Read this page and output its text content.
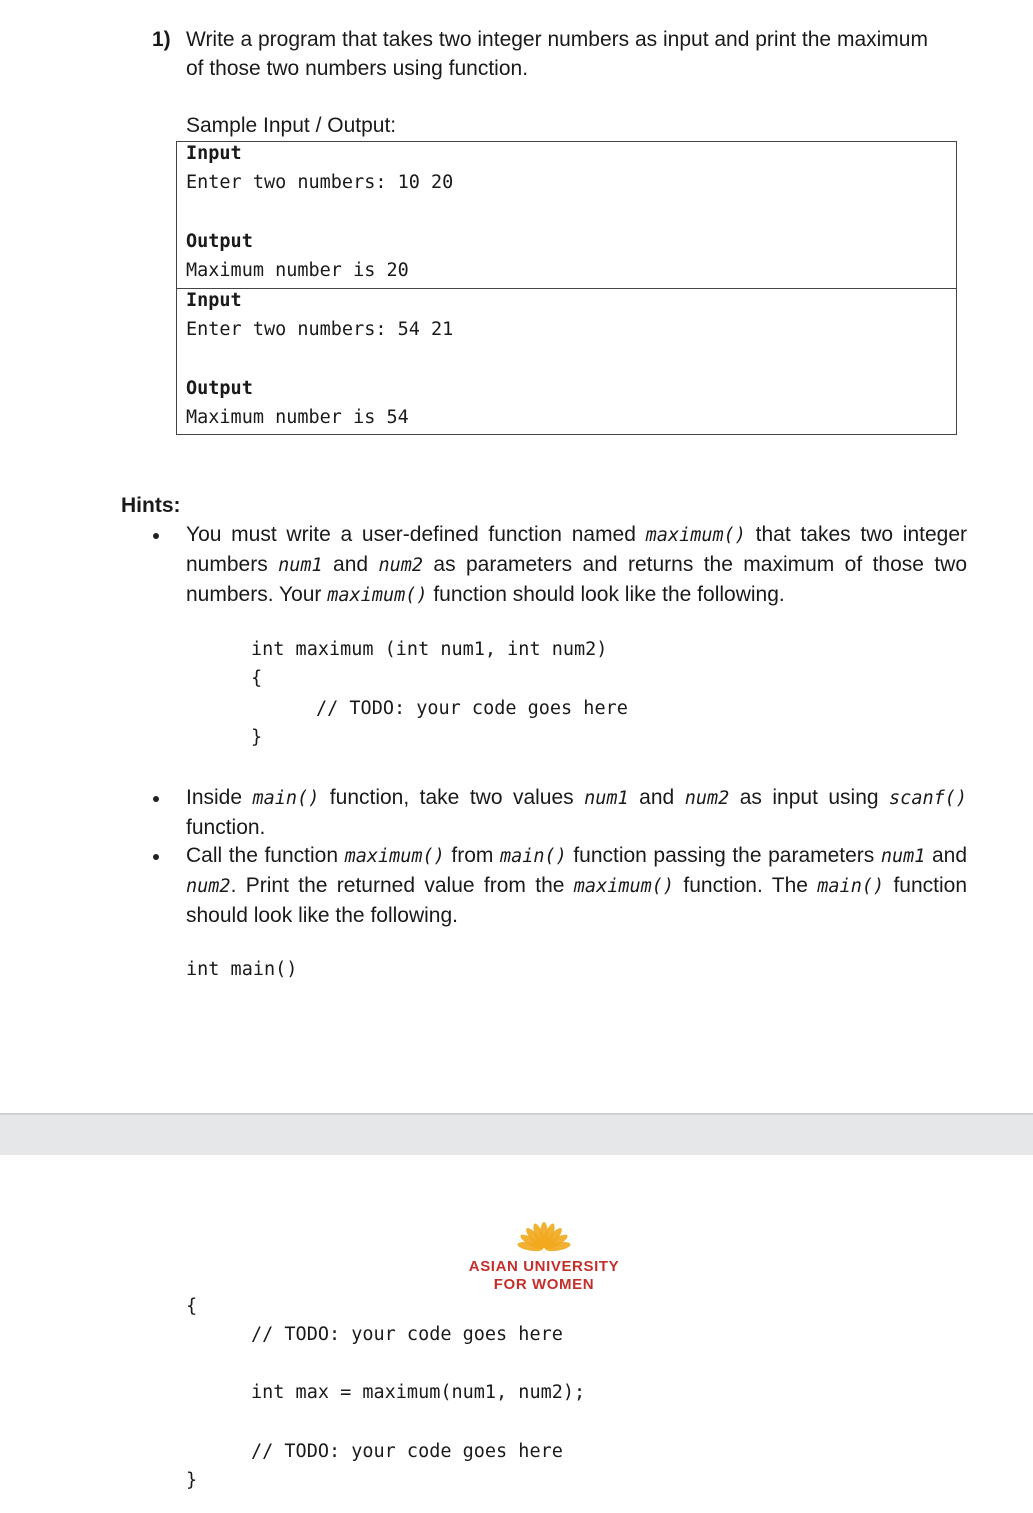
1) Write a program that takes two integer numbers as input and print the maximum
of those two numbers using function.
Sample Input / Output:
Input
Enter two numbers: 10 20
Output
Maximum number is 20
Input
Enter two numbers: 54 21
Output
Maximum number is 54
Hints:
You must write a user-defined function named maximum() that takes two integer numbers num1 and num2 as parameters and returns the maximum of those two numbers. Your maximum() function should look like the following.
int maximum (int num1, int num2)
{
// TODO: your code goes here
}
Inside main() function, take two values num1 and num2 as input using scanf() function.
Call the function maximum() from main() function passing the parameters num1 and num2. Print the returned value from the maximum() function. The main() function should look like the following.
int main()
ASIAN UNIVERSITY
FOR WOMEN
{
// TODO: your code goes here
int max = maximum(num1, num2);
// TODO: your code goes here
}
